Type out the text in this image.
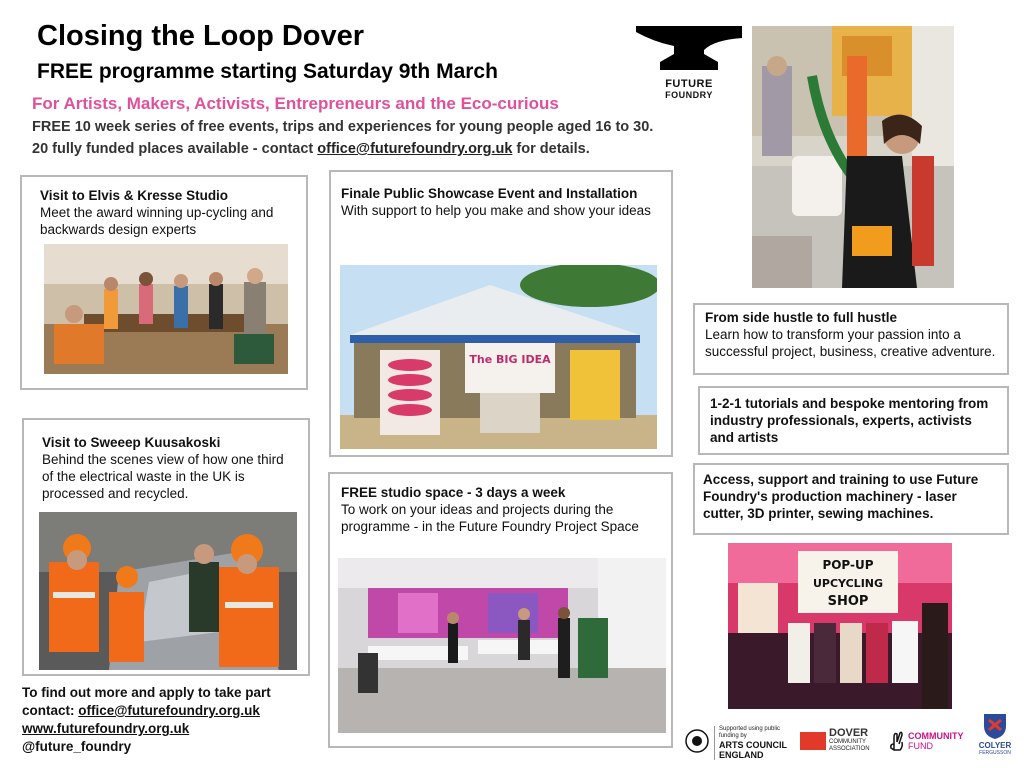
Closing the Loop Dover
FREE programme starting Saturday 9th March
For Artists, Makers, Activists, Entrepreneurs and the Eco-curious
FREE 10 week series of free events, trips and experiences for young people aged 16 to 30.
20 fully funded places available - contact office@futurefoundry.org.uk for details.
FUTURE
FOUNDRY
Visit to Elvis & Kresse Studio
Meet the award winning up-cycling and backwards design experts
Finale Public Showcase Event and Installation
With support to help you make and show your ideas
The BIG IDEA
Visit to Sweeep Kuusakoski
Behind the scenes view of how one third of the electrical waste in the UK is processed and recycled.	FREE studio space - 3 days a week
To work on your ideas and projects during the programme - in the Future Foundry Project Space
From side hustle to full hustle
Learn how to transform your passion into a successful project, business, creative adventure.
1-2-1 tutorials and bespoke mentoring from industry professionals, experts, activists and artists
Access, support and training to use Future Foundry's production machinery - laser cutter, 3D printer, sewing machines.
POP-UP
UPCYCLING
SHOP
To find out more and apply to take part
contact: office@futurefoundry.org.uk
www.futurefoundry.org.uk
@future_foundry
Supported using public funding by
ARTS COUNCIL
ENGLAND
DOVER
COMMUNITY
ASSOCIATION
COMMUNITY
FUND	COLYER
FERGUSSON
